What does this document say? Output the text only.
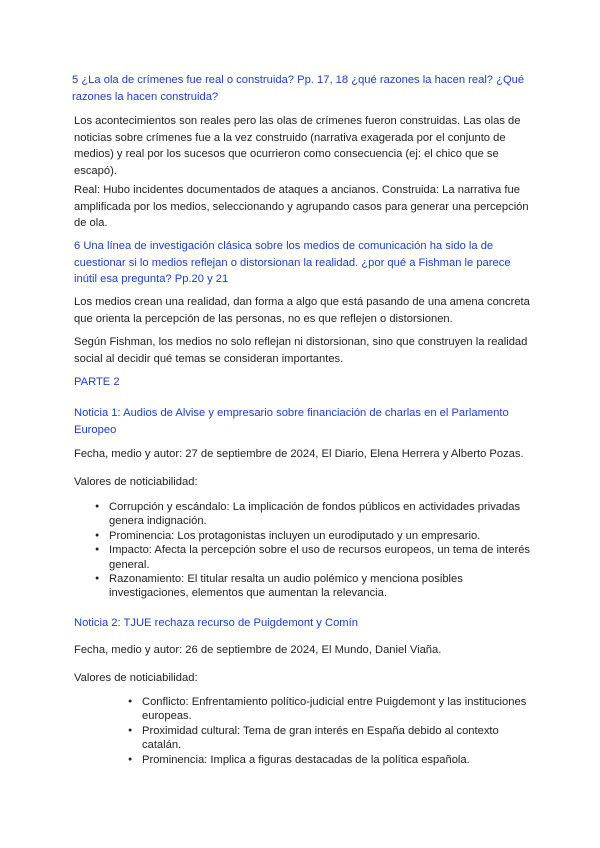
5 ¿La ola de crímenes fue real o construida? Pp. 17, 18 ¿qué razones la hacen real? ¿Qué razones la hacen construida?

Los acontecimientos son reales pero las olas de crímenes fueron construidas. Las olas de noticias sobre crímenes fue a la vez construido (narrativa exagerada por el conjunto de medios) y real por los sucesos que ocurrieron como consecuencia (ej: el chico que se escapó).

Real: Hubo incidentes documentados de ataques a ancianos. Construida: La narrativa fue amplificada por los medios, seleccionando y agrupando casos para generar una percepción de ola.

6 Una línea de investigación clásica sobre los medios de comunicación ha sido la de cuestionar si lo medios reflejan o distorsionan la realidad. ¿por qué a Fishman le parece inútil esa pregunta? Pp.20 y 21

Los medios crean una realidad, dan forma a algo que está pasando de una amena concreta que orienta la percepción de las personas, no es que reflejen o distorsionen.

Según Fishman, los medios no solo reflejan ni distorsionan, sino que construyen la realidad social al decidir qué temas se consideran importantes.

PARTE 2

Noticia 1: Audios de Alvise y empresario sobre financiación de charlas en el Parlamento Europeo

Fecha, medio y autor: 27 de septiembre de 2024, El Diario, Elena Herrera y Alberto Pozas.

Valores de noticiabilidad:

● Corrupción y escándalo: La implicación de fondos públicos en actividades privadas genera indignación.
● Prominencia: Los protagonistas incluyen un eurodiputado y un empresario.
● Impacto: Afecta la percepción sobre el uso de recursos europeos, un tema de interés general.
● Razonamiento: El titular resalta un audio polémico y menciona posibles investigaciones, elementos que aumentan la relevancia.

Noticia 2: TJUE rechaza recurso de Puigdemont y Comín

Fecha, medio y autor: 26 de septiembre de 2024, El Mundo, Daniel Viaña.

Valores de noticiabilidad:

● Conflicto: Enfrentamiento político-judicial entre Puigdemont y las instituciones europeas.
● Proximidad cultural: Tema de gran interés en España debido al contexto catalán.
● Prominencia: Implica a figuras destacadas de la política española.
